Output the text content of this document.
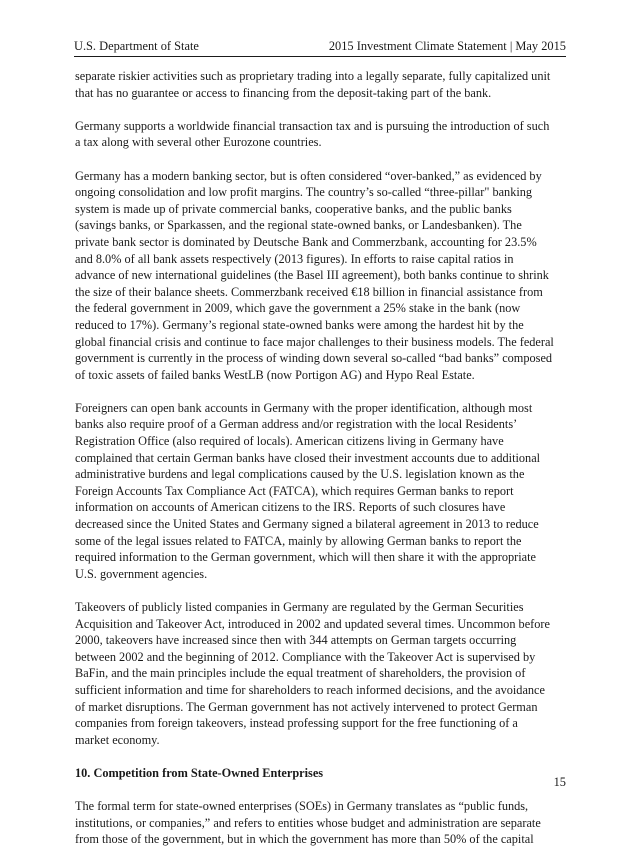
U.S. Department of State	2015 Investment Climate Statement | May 2015
separate riskier activities such as proprietary trading into a legally separate, fully capitalized unit
that has no guarantee or access to financing from the deposit-taking part of the bank.
Germany supports a worldwide financial transaction tax and is pursuing the introduction of such
a tax along with several other Eurozone countries.
Germany has a modern banking sector, but is often considered “over-banked,” as evidenced by
ongoing consolidation and low profit margins. The country’s so-called “three-pillar" banking
system is made up of private commercial banks, cooperative banks, and the public banks
(savings banks, or Sparkassen, and the regional state-owned banks, or Landesbanken). The
private bank sector is dominated by Deutsche Bank and Commerzbank, accounting for 23.5%
and 8.0% of all bank assets respectively (2013 figures). In efforts to raise capital ratios in
advance of new international guidelines (the Basel III agreement), both banks continue to shrink
the size of their balance sheets. Commerzbank received €18 billion in financial assistance from
the federal government in 2009, which gave the government a 25% stake in the bank (now
reduced to 17%). Germany’s regional state-owned banks were among the hardest hit by the
global financial crisis and continue to face major challenges to their business models. The federal
government is currently in the process of winding down several so-called “bad banks” composed
of toxic assets of failed banks WestLB (now Portigon AG) and Hypo Real Estate.
Foreigners can open bank accounts in Germany with the proper identification, although most
banks also require proof of a German address and/or registration with the local Residents’
Registration Office (also required of locals). American citizens living in Germany have
complained that certain German banks have closed their investment accounts due to additional
administrative burdens and legal complications caused by the U.S. legislation known as the
Foreign Accounts Tax Compliance Act (FATCA), which requires German banks to report
information on accounts of American citizens to the IRS. Reports of such closures have
decreased since the United States and Germany signed a bilateral agreement in 2013 to reduce
some of the legal issues related to FATCA, mainly by allowing German banks to report the
required information to the German government, which will then share it with the appropriate
U.S. government agencies.
Takeovers of publicly listed companies in Germany are regulated by the German Securities
Acquisition and Takeover Act, introduced in 2002 and updated several times. Uncommon before
2000, takeovers have increased since then with 344 attempts on German targets occurring
between 2002 and the beginning of 2012. Compliance with the Takeover Act is supervised by
BaFin, and the main principles include the equal treatment of shareholders, the provision of
sufficient information and time for shareholders to reach informed decisions, and the avoidance
of market disruptions. The German government has not actively intervened to protect German
companies from foreign takeovers, instead professing support for the free functioning of a
market economy.
10. Competition from State-Owned Enterprises
The formal term for state-owned enterprises (SOEs) in Germany translates as “public funds,
institutions, or companies,” and refers to entities whose budget and administration are separate
from those of the government, but in which the government has more than 50% of the capital
15
